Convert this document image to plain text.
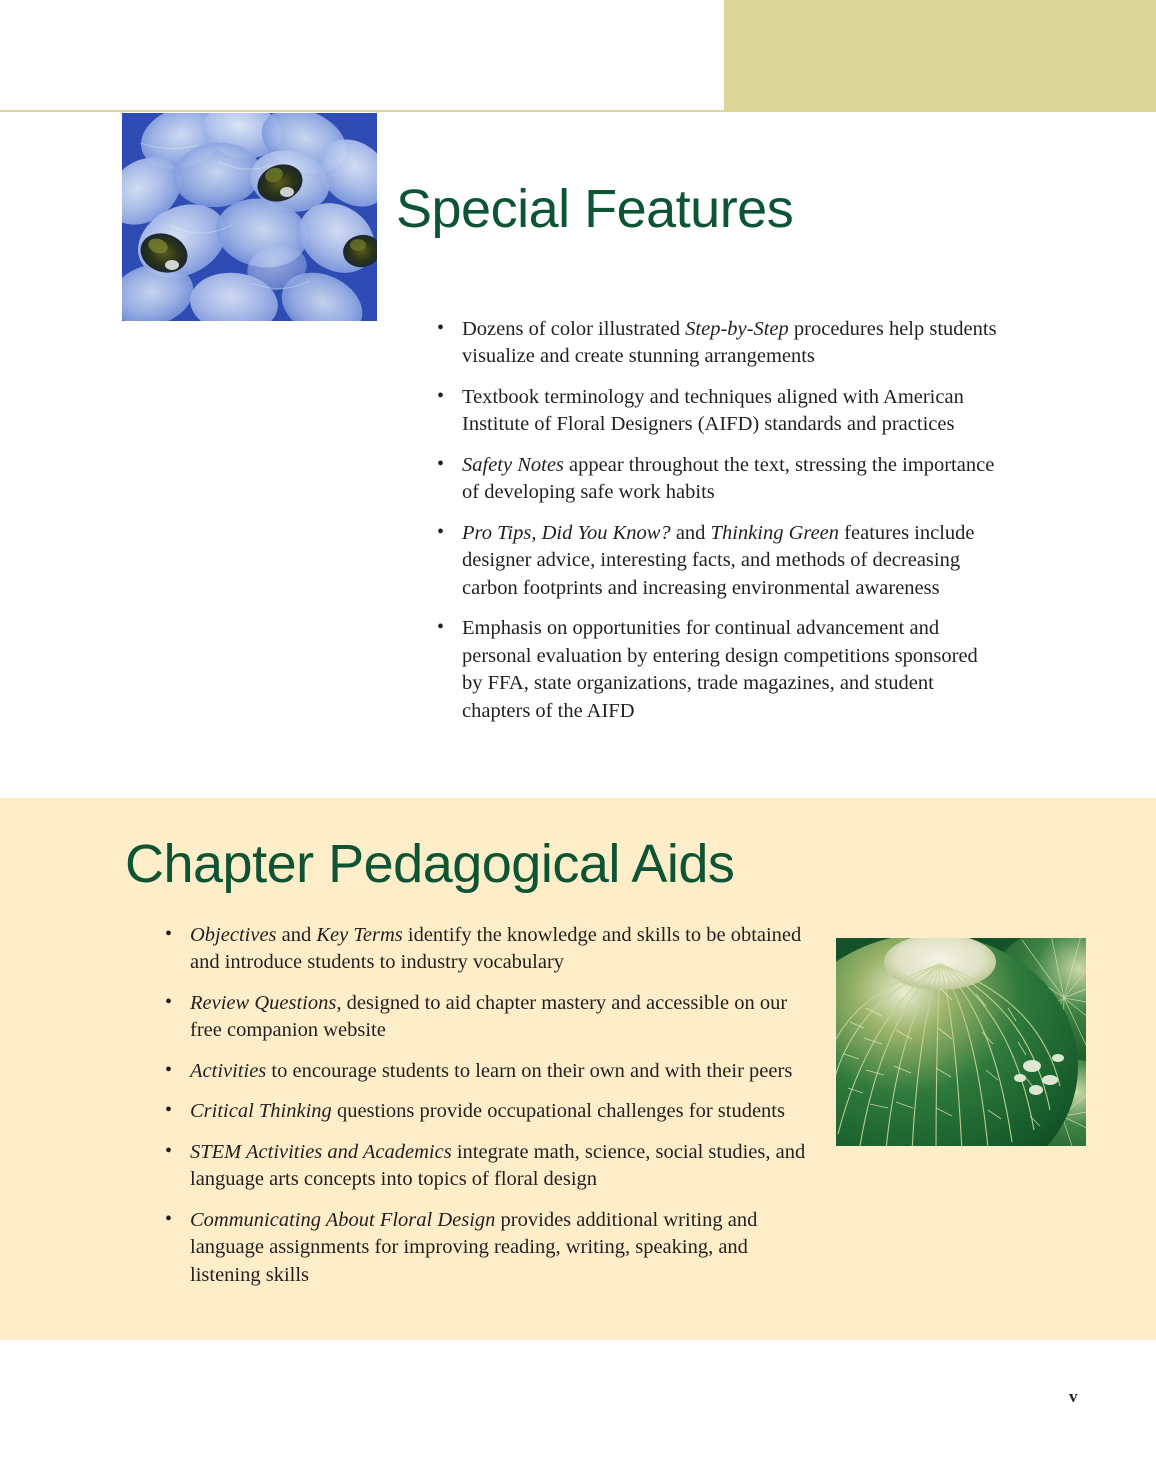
Special Features
• Dozens of color illustrated Step-by-Step procedures help students visualize and create stunning arrangements
• Textbook terminology and techniques aligned with American Institute of Floral Designers (AIFD) standards and practices
• Safety Notes appear throughout the text, stressing the importance of developing safe work habits
• Pro Tips, Did You Know? and Thinking Green features include designer advice, interesting facts, and methods of decreasing carbon footprints and increasing environmental awareness
• Emphasis on opportunities for continual advancement and personal evaluation by entering design competitions sponsored by FFA, state organizations, trade magazines, and student chapters of the AIFD
Chapter Pedagogical Aids
• Objectives and Key Terms identify the knowledge and skills to be obtained and introduce students to industry vocabulary
• Review Questions, designed to aid chapter mastery and accessible on our free companion website
• Activities to encourage students to learn on their own and with their peers
• Critical Thinking questions provide occupational challenges for students
• STEM Activities and Academics integrate math, science, social studies, and language arts concepts into topics of floral design
• Communicating About Floral Design provides additional writing and language assignments for improving reading, writing, speaking, and listening skills
v
